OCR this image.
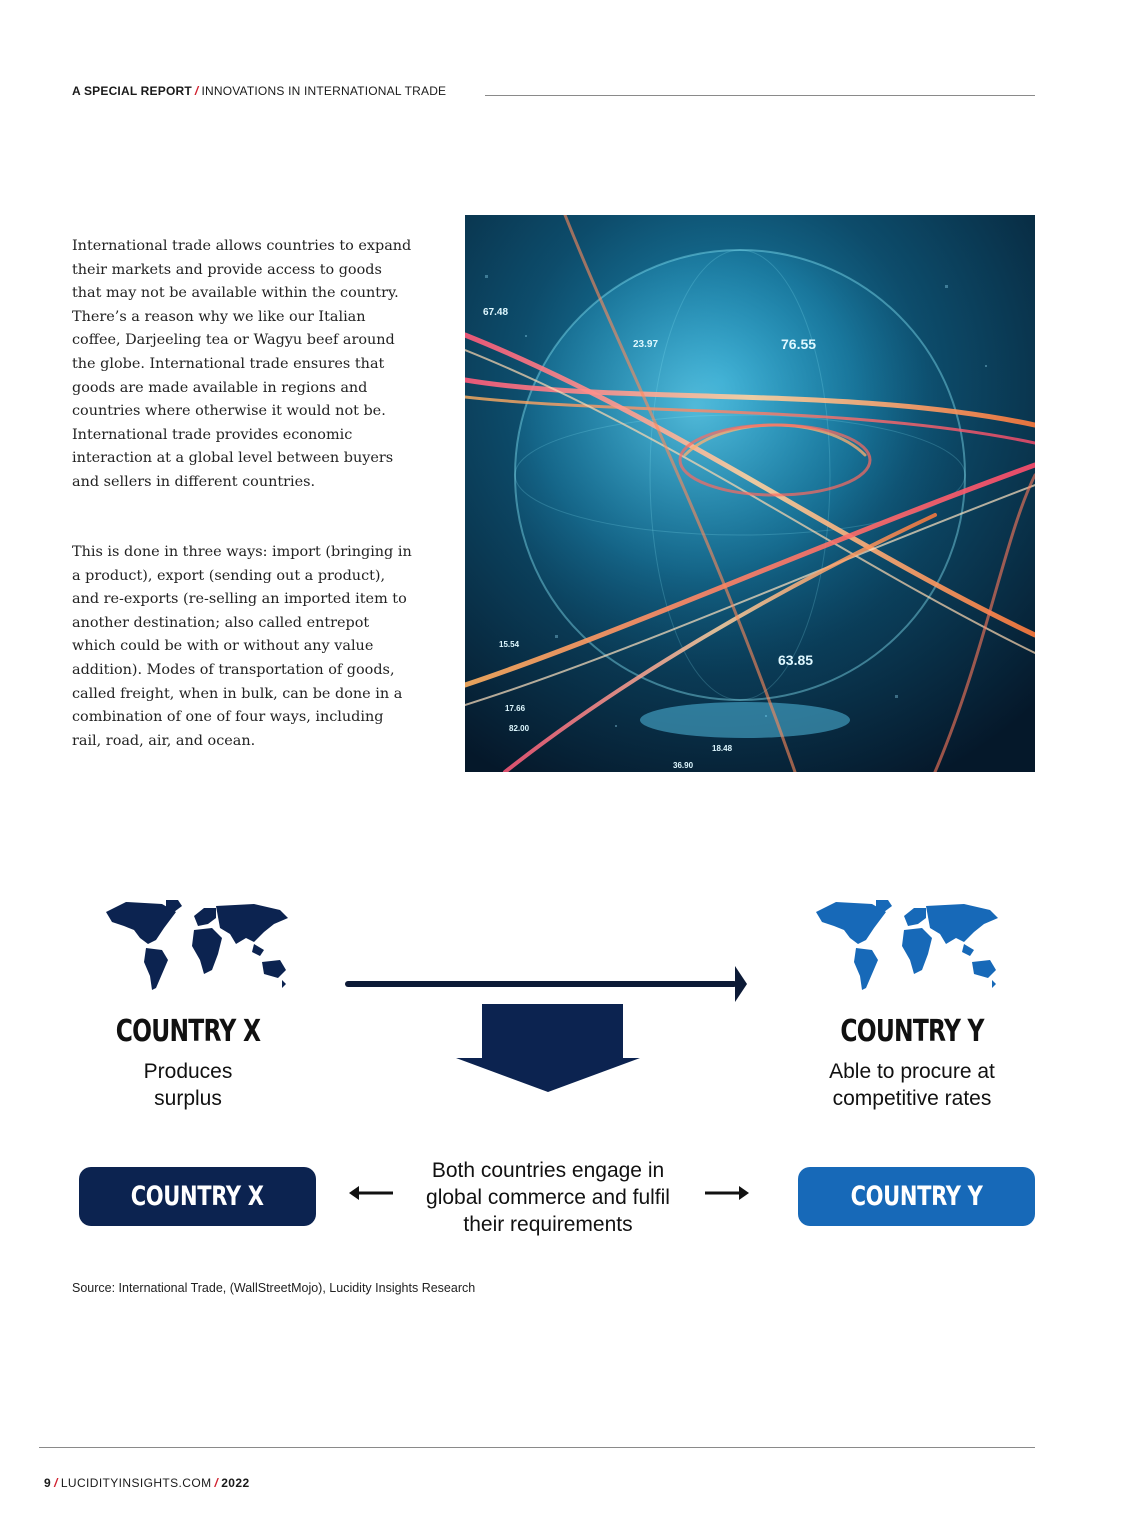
A SPECIAL REPORT / INNOVATIONS IN INTERNATIONAL TRADE

International trade allows countries to expand their markets and provide access to goods that may not be available within the country. There’s a reason why we like our Italian coffee, Darjeeling tea or Wagyu beef around the globe. International trade ensures that goods are made available in regions and countries where otherwise it would not be. International trade provides economic interaction at a global level between buyers and sellers in different countries.

This is done in three ways: import (bringing in a product), export (sending out a product), and re-exports (re-selling an imported item to another destination; also called entrepot which could be with or without any value addition). Modes of transportation of goods, called freight, when in bulk, can be done in a combination of one of four ways, including rail, road, air, and ocean.

67.48
23.97	76.55
63.85
15.54
17.66
82.00
36.90
18.48
COUNTRY X	COUNTRY Y
Produces surplus
Able to procure at competitive rates
COUNTRY X
Both countries engage in global commerce and fulfil their requirements
COUNTRY Y
Source: International Trade, (WallStreetMojo), Lucidity Insights Research
9 / LUCIDITYINSIGHTS.COM / 2022
